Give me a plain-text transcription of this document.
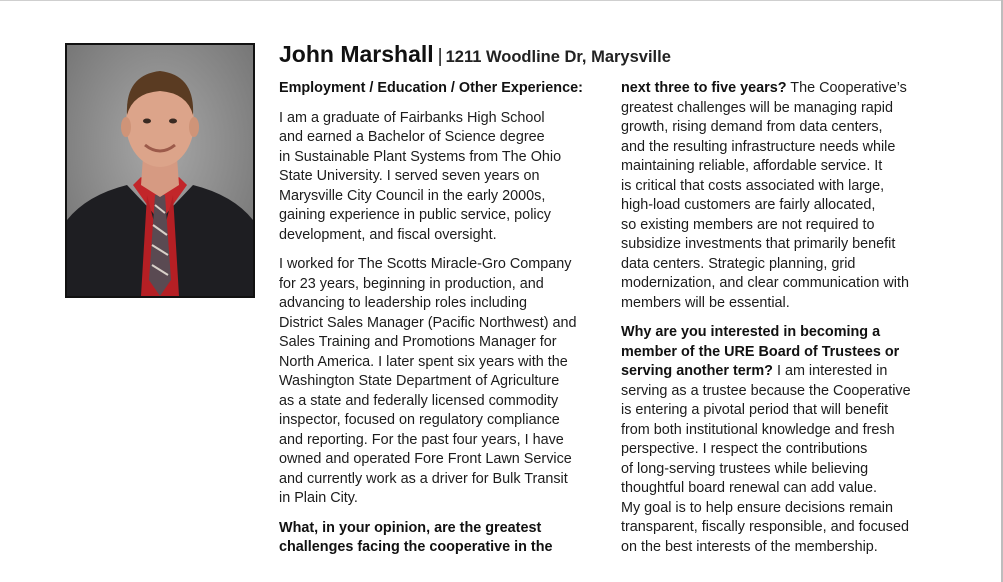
John Marshall | 1211 Woodline Dr, Marysville

Employment / Education / Other Experience:

I am a graduate of Fairbanks High School
and earned a Bachelor of Science degree
in Sustainable Plant Systems from The Ohio
State University. I served seven years on
Marysville City Council in the early 2000s,
gaining experience in public service, policy
development, and fiscal oversight.

I worked for The Scotts Miracle-Gro Company
for 23 years, beginning in production, and
advancing to leadership roles including
District Sales Manager (Pacific Northwest) and
Sales Training and Promotions Manager for
North America. I later spent six years with the
Washington State Department of Agriculture
as a state and federally licensed commodity
inspector, focused on regulatory compliance
and reporting. For the past four years, I have
owned and operated Fore Front Lawn Service
and currently work as a driver for Bulk Transit
in Plain City.

What, in your opinion, are the greatest
challenges facing the cooperative in the

next three to five years? The Cooperative’s
greatest challenges will be managing rapid
growth, rising demand from data centers,
and the resulting infrastructure needs while
maintaining reliable, affordable service. It
is critical that costs associated with large,
high-load customers are fairly allocated,
so existing members are not required to
subsidize investments that primarily benefit
data centers. Strategic planning, grid
modernization, and clear communication with
members will be essential.

Why are you interested in becoming a
member of the URE Board of Trustees or
serving another term? I am interested in
serving as a trustee because the Cooperative
is entering a pivotal period that will benefit
from both institutional knowledge and fresh
perspective. I respect the contributions
of long-serving trustees while believing
thoughtful board renewal can add value.
My goal is to help ensure decisions remain
transparent, fiscally responsible, and focused
on the best interests of the membership.
